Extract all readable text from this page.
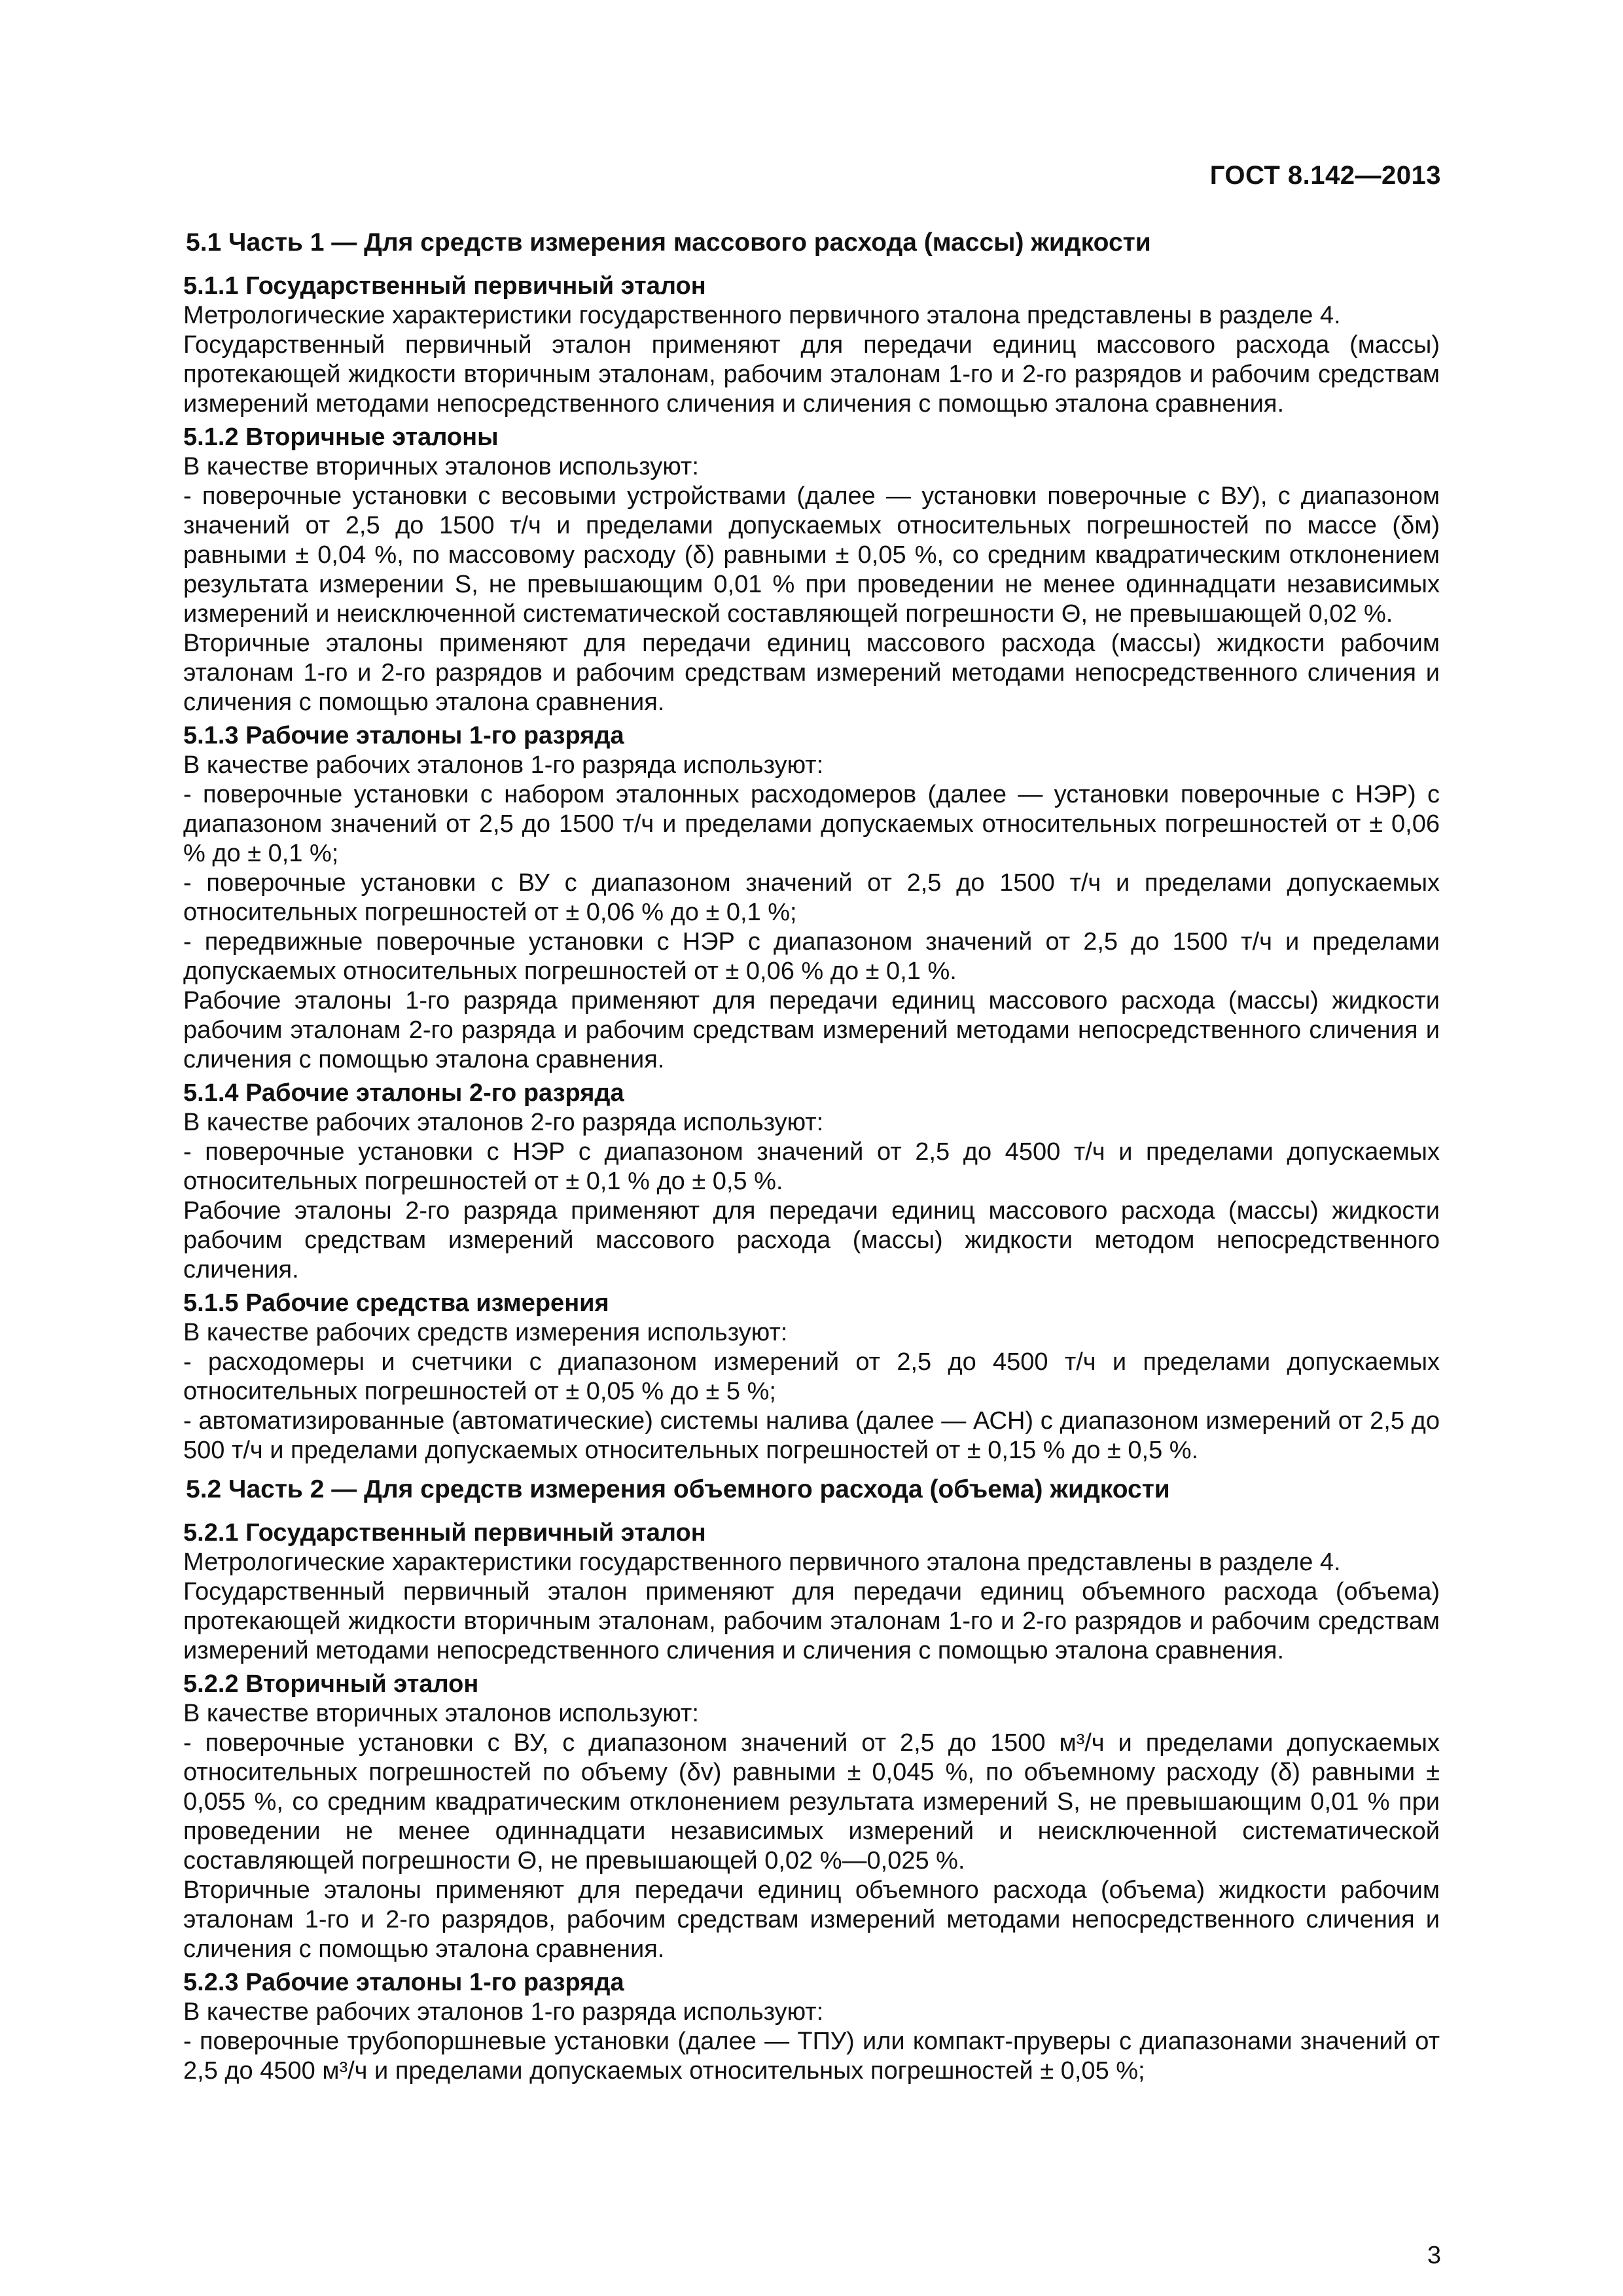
ГОСТ 8.142—2013
5.1 Часть 1 — Для средств измерения массового расхода (массы) жидкости
5.1.1 Государственный первичный эталон
Метрологические характеристики государственного первичного эталона представлены в разделе 4.
Государственный первичный эталон применяют для передачи единиц массового расхода (массы) протекающей жидкости вторичным эталонам, рабочим эталонам 1-го и 2-го разрядов и рабочим средствам измерений методами непосредственного сличения и сличения с помощью эталона сравнения.
5.1.2 Вторичные эталоны
В качестве вторичных эталонов используют:
- поверочные установки с весовыми устройствами (далее — установки поверочные с ВУ), с диапазоном значений от 2,5 до 1500 т/ч и пределами допускаемых относительных погрешностей по массе (δм) равными ± 0,04 %, по массовому расходу (δ) равными ± 0,05 %, со средним квадратическим отклонением результата измерении S, не превышающим 0,01 % при проведении не менее одиннадцати независимых измерений и неисключенной систематической составляющей погрешности Θ, не превышающей 0,02 %.
Вторичные эталоны применяют для передачи единиц массового расхода (массы) жидкости рабочим эталонам 1-го и 2-го разрядов и рабочим средствам измерений методами непосредственного сличения и сличения с помощью эталона сравнения.
5.1.3 Рабочие эталоны 1-го разряда
В качестве рабочих эталонов 1-го разряда используют:
- поверочные установки с набором эталонных расходомеров (далее — установки поверочные с НЭР) с диапазоном значений от 2,5 до 1500 т/ч и пределами допускаемых относительных погрешностей от ± 0,06 % до ± 0,1 %;
- поверочные установки с ВУ с диапазоном значений от 2,5 до 1500 т/ч и пределами допускаемых относительных погрешностей от ± 0,06 % до ± 0,1 %;
- передвижные поверочные установки с НЭР с диапазоном значений от 2,5 до 1500 т/ч и пределами допускаемых относительных погрешностей от ± 0,06 % до ± 0,1 %.
Рабочие эталоны 1-го разряда применяют для передачи единиц массового расхода (массы) жидкости рабочим эталонам 2-го разряда и рабочим средствам измерений методами непосредственного сличения и сличения с помощью эталона сравнения.
5.1.4 Рабочие эталоны 2-го разряда
В качестве рабочих эталонов 2-го разряда используют:
- поверочные установки с НЭР с диапазоном значений от 2,5 до 4500 т/ч и пределами допускаемых относительных погрешностей от ± 0,1 % до ± 0,5 %.
Рабочие эталоны 2-го разряда применяют для передачи единиц массового расхода (массы) жидкости рабочим средствам измерений массового расхода (массы) жидкости методом непосредственного сличения.
5.1.5 Рабочие средства измерения
В качестве рабочих средств измерения используют:
- расходомеры и счетчики с диапазоном измерений от 2,5 до 4500 т/ч и пределами допускаемых относительных погрешностей от ± 0,05 % до ± 5 %;
- автоматизированные (автоматические) системы налива (далее — АСН) с диапазоном измерений от 2,5 до 500 т/ч и пределами допускаемых относительных погрешностей от ± 0,15 % до ± 0,5 %.
5.2 Часть 2 — Для средств измерения объемного расхода (объема) жидкости
5.2.1 Государственный первичный эталон
Метрологические характеристики государственного первичного эталона представлены в разделе 4.
Государственный первичный эталон применяют для передачи единиц объемного расхода (объема) протекающей жидкости вторичным эталонам, рабочим эталонам 1-го и 2-го разрядов и рабочим средствам измерений методами непосредственного сличения и сличения с помощью эталона сравнения.
5.2.2 Вторичный эталон
В качестве вторичных эталонов используют:
- поверочные установки с ВУ, с диапазоном значений от 2,5 до 1500 м³/ч и пределами допускаемых относительных погрешностей по объему (δv) равными ± 0,045 %, по объемному расходу (δ) равными ± 0,055 %, со средним квадратическим отклонением результата измерений S, не превышающим 0,01 % при проведении не менее одиннадцати независимых измерений и неисключенной систематической составляющей погрешности Θ, не превышающей 0,02 %—0,025 %.
Вторичные эталоны применяют для передачи единиц объемного расхода (объема) жидкости рабочим эталонам 1-го и 2-го разрядов, рабочим средствам измерений методами непосредственного сличения и сличения с помощью эталона сравнения.
5.2.3 Рабочие эталоны 1-го разряда
В качестве рабочих эталонов 1-го разряда используют:
- поверочные трубопоршневые установки (далее — ТПУ) или компакт-пруверы с диапазонами значений от 2,5 до 4500 м³/ч и пределами допускаемых относительных погрешностей ± 0,05 %;
3
